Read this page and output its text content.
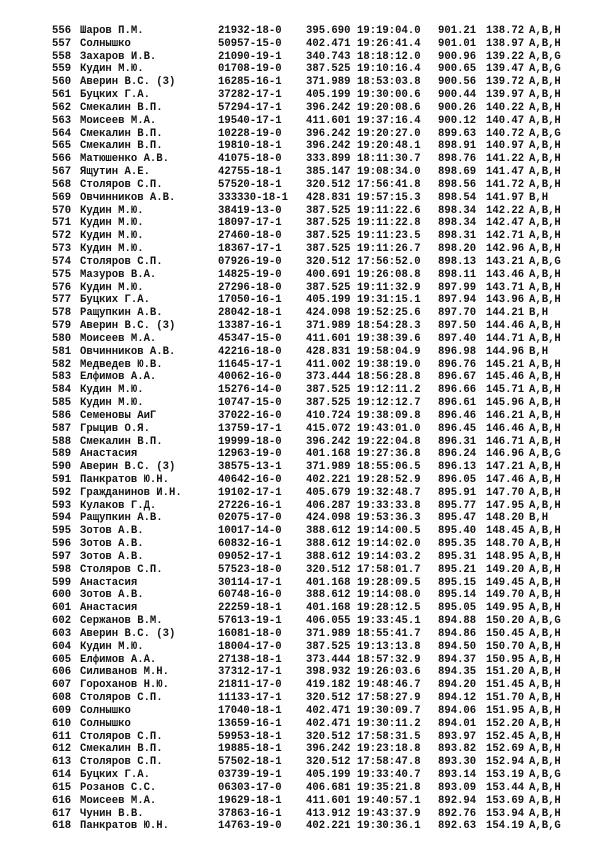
556 Шаров П.М.	21932-18-0 395.690 19:19:04.0 901.21 138.72 A,B,H
557 Солнышко	50957-15-0 402.471 19:26:41.4 901.01 138.97 A,B,H
558 Захаров И.В.	21090-19-1 340.743 18:18:12.0 900.96 139.22 A,B,G
559 Кудин М.Ю.	01708-19-0 387.525 19:10:16.4 900.65 139.47 A,B,G
560 Аверин В.С. (3)	16285-16-1 371.989 18:53:03.8 900.56 139.72 A,B,H
561 Буцких Г.А.	37282-17-1 405.199 19:30:00.6 900.44 139.97 A,B,H
562 Смекалин В.П.	57294-17-1 396.242 19:20:08.6 900.26 140.22 A,B,H
563 Моисеев М.А.	19540-17-1 411.601 19:37:16.4 900.12 140.47 A,B,H
564 Смекалин В.П.	10228-19-0 396.242 19:20:27.0 899.63 140.72 A,B,G
565 Смекалин В.П.	19810-18-1 396.242 19:20:48.1 898.91 140.97 A,B,H
566 Матюшенко А.В.	41075-18-0 333.899 18:11:30.7 898.76 141.22 A,B,H
567 Ящутин А.Е.	42755-18-1 385.147 19:08:34.0 898.69 141.47 A,B,H
568 Столяров С.П.	57520-18-1 320.512 17:56:41.8 898.56 141.72 A,B,H
569 Овчинников А.В.	333330-18-1 428.831 19:57:15.3 898.54 141.97 B,H
570 Кудин М.Ю.	38419-13-0 387.525 19:11:22.6 898.34 142.22 A,B,H
571 Кудин М.Ю.	18097-17-1 387.525 19:11:22.8 898.34 142.47 A,B,H
572 Кудин М.Ю.	27460-18-0 387.525 19:11:23.5 898.31 142.71 A,B,H
573 Кудин М.Ю.	18367-17-1 387.525 19:11:26.7 898.20 142.96 A,B,H
574 Столяров С.П.	07926-19-0 320.512 17:56:52.0 898.13 143.21 A,B,G
575 Мазуров В.А.	14825-19-0 400.691 19:26:08.8 898.11 143.46 A,B,H
576 Кудин М.Ю.	27296-18-0 387.525 19:11:32.9 897.99 143.71 A,B,H
577 Буцких Г.А.	17050-16-1 405.199 19:31:15.1 897.94 143.96 A,B,H
578 Ращупкин А.В.	28042-18-1 424.098 19:52:25.6 897.70 144.21 B,H
579 Аверин В.С. (3)	13387-16-1 371.989 18:54:28.3 897.50 144.46 A,B,H
580 Моисеев М.А.	45347-15-0 411.601 19:38:39.6 897.40 144.71 A,B,H
581 Овчинников А.В.	42216-18-0 428.831 19:58:04.9 896.98 144.96 B,H
582 Медведев Ю.В.	11645-17-1 411.002 19:38:19.0 896.76 145.21 A,B,H
583 Елфимов А.А.	40062-16-0 373.444 18:56:28.8 896.67 145.46 A,B,H
584 Кудин М.Ю.	15276-14-0 387.525 19:12:11.2 896.66 145.71 A,B,H
585 Кудин М.Ю.	10747-15-0 387.525 19:12:12.7 896.61 145.96 A,B,H
586 Семеновы АиГ	37022-16-0 410.724 19:38:09.8 896.46 146.21 A,B,H
587 Грыцив О.Я.	13759-17-1 415.072 19:43:01.0 896.45 146.46 A,B,H
588 Смекалин В.П.	19999-18-0 396.242 19:22:04.8 896.31 146.71 A,B,H
589 Анастасия	12963-19-0 401.168 19:27:36.8 896.24 146.96 A,B,G
590 Аверин В.С. (3)	38575-13-1 371.989 18:55:06.5 896.13 147.21 A,B,H
591 Панкратов Ю.Н.	40642-16-0 402.221 19:28:52.9 896.05 147.46 A,B,H
592 Гражданинов И.Н.	19102-17-1 405.679 19:32:48.7 895.91 147.70 A,B,H
593 Кулаков Г.Д.	27226-16-1 406.287 19:33:33.8 895.77 147.95 A,B,H
594 Ращупкин А.В.	02075-17-0 424.098 19:53:36.3 895.47 148.20 B,H
595 Зотов А.В.	10017-14-0 388.612 19:14:00.5 895.40 148.45 A,B,H
596 Зотов А.В.	60832-16-1 388.612 19:14:02.0 895.35 148.70 A,B,H
597 Зотов А.В.	09052-17-1 388.612 19:14:03.2 895.31 148.95 A,B,H
598 Столяров С.П.	57523-18-0 320.512 17:58:01.7 895.21 149.20 A,B,H
599 Анастасия	30114-17-1 401.168 19:28:09.5 895.15 149.45 A,B,H
600 Зотов А.В.	60748-16-0 388.612 19:14:08.0 895.14 149.70 A,B,H
601 Анастасия	22259-18-1 401.168 19:28:12.5 895.05 149.95 A,B,H
602 Сержанов В.М.	57613-19-1 406.055 19:33:45.1 894.88 150.20 A,B,G
603 Аверин В.С. (3)	16081-18-0 371.989 18:55:41.7 894.86 150.45 A,B,H
604 Кудин М.Ю.	18004-17-0 387.525 19:13:13.8 894.50 150.70 A,B,H
605 Елфимов А.А.	27138-18-1 373.444 18:57:32.9 894.37 150.95 A,B,H
606 Силиванов М.Н.	37312-17-1 398.932 19:26:03.6 894.35 151.20 A,B,H
607 Гороханов Н.Ю.	21811-17-0 419.182 19:48:46.7 894.20 151.45 A,B,H
608 Столяров С.П.	11133-17-1 320.512 17:58:27.9 894.12 151.70 A,B,H
609 Солнышко	17040-18-1 402.471 19:30:09.7 894.06 151.95 A,B,H
610 Солнышко	13659-16-1 402.471 19:30:11.2 894.01 152.20 A,B,H
611 Столяров С.П.	59953-18-1 320.512 17:58:31.5 893.97 152.45 A,B,H
612 Смекалин В.П.	19885-18-1 396.242 19:23:18.8 893.82 152.69 A,B,H
613 Столяров С.П.	57502-18-1 320.512 17:58:47.8 893.30 152.94 A,B,H
614 Буцких Г.А.	03739-19-1 405.199 19:33:40.7 893.14 153.19 A,B,G
615 Розанов С.С.	06303-17-0 406.681 19:35:21.8 893.09 153.44 A,B,H
616 Моисеев М.А.	19629-18-1 411.601 19:40:57.1 892.94 153.69 A,B,H
617 Чунин В.В.	37863-16-1 413.912 19:43:37.9 892.76 153.94 A,B,H
618 Панкратов Ю.Н.	14763-19-0 402.221 19:30:36.1 892.63 154.19 A,B,G
